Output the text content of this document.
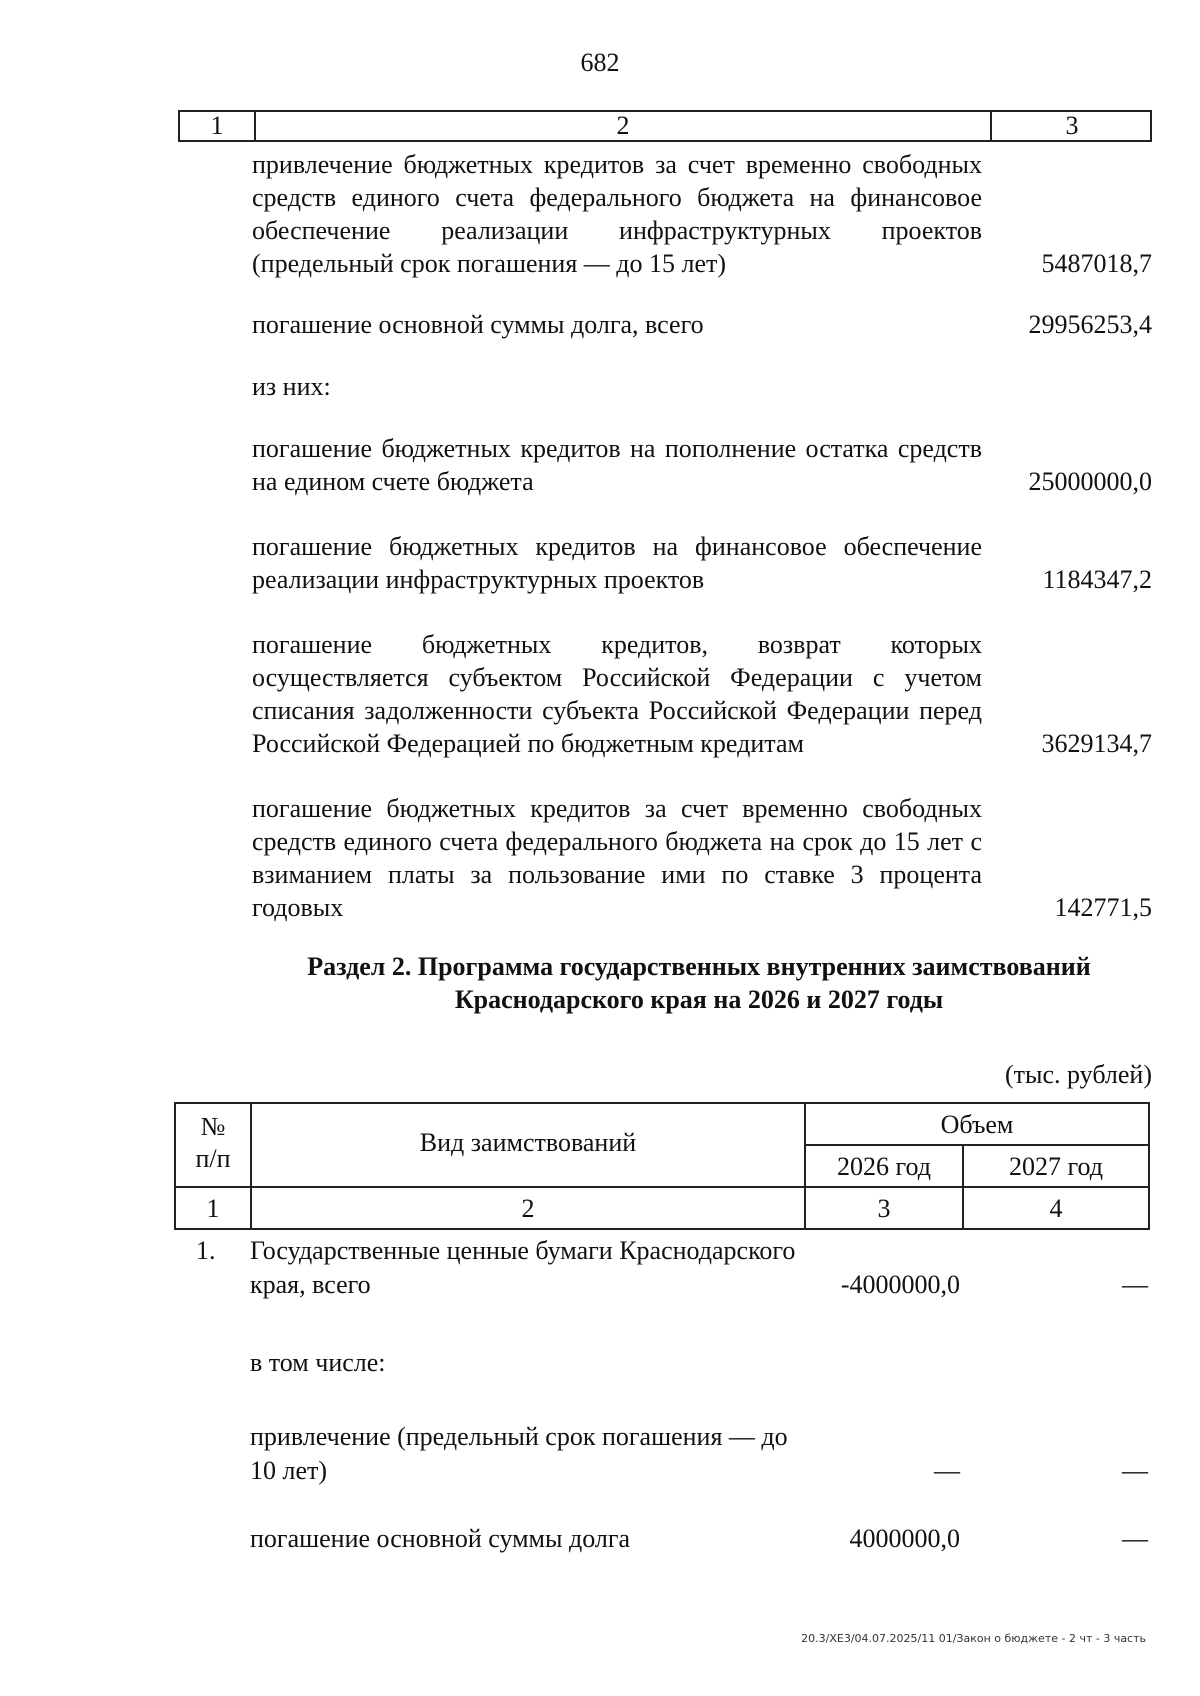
682
1	2	3
привлечение бюджетных кредитов за счет временно свободных средств единого счета федерального бюджета на финансовое обеспечение реализации инфраструктурных проектов (предельный срок погашения — до 15 лет)	5487018,7
погашение основной суммы долга, всего	29956253,4
из них:
погашение бюджетных кредитов на пополнение остатка средств на едином счете бюджета	25000000,0
погашение бюджетных кредитов на финансовое обеспечение реализации инфраструктурных проектов	1184347,2
погашение бюджетных кредитов, возврат которых осуществляется субъектом Российской Федерации с учетом списания задолженности субъекта Российской Федерации перед Российской Федерацией по бюджетным кредитам	3629134,7
погашение бюджетных кредитов за счет временно свободных средств единого счета федерального бюджета на срок до 15 лет с взиманием платы за пользование ими по ставке 3 процента годовых	142771,5
Раздел 2. Программа государственных внутренних заимствований
Краснодарского края на 2026 и 2027 годы
(тыс. рублей)
№
п/п
Вид заимствований
Объем
2026 год	2027 год
1	2	3	4
1.	Государственные ценные бумаги Краснодарского края, всего	-4000000,0	—
в том числе:
привлечение (предельный срок погашения — до 10 лет)	—	—
погашение основной суммы долга	4000000,0	—
20.3/XE3/04.07.2025/11 01/Закон о бюджете - 2 чт - 3 часть
